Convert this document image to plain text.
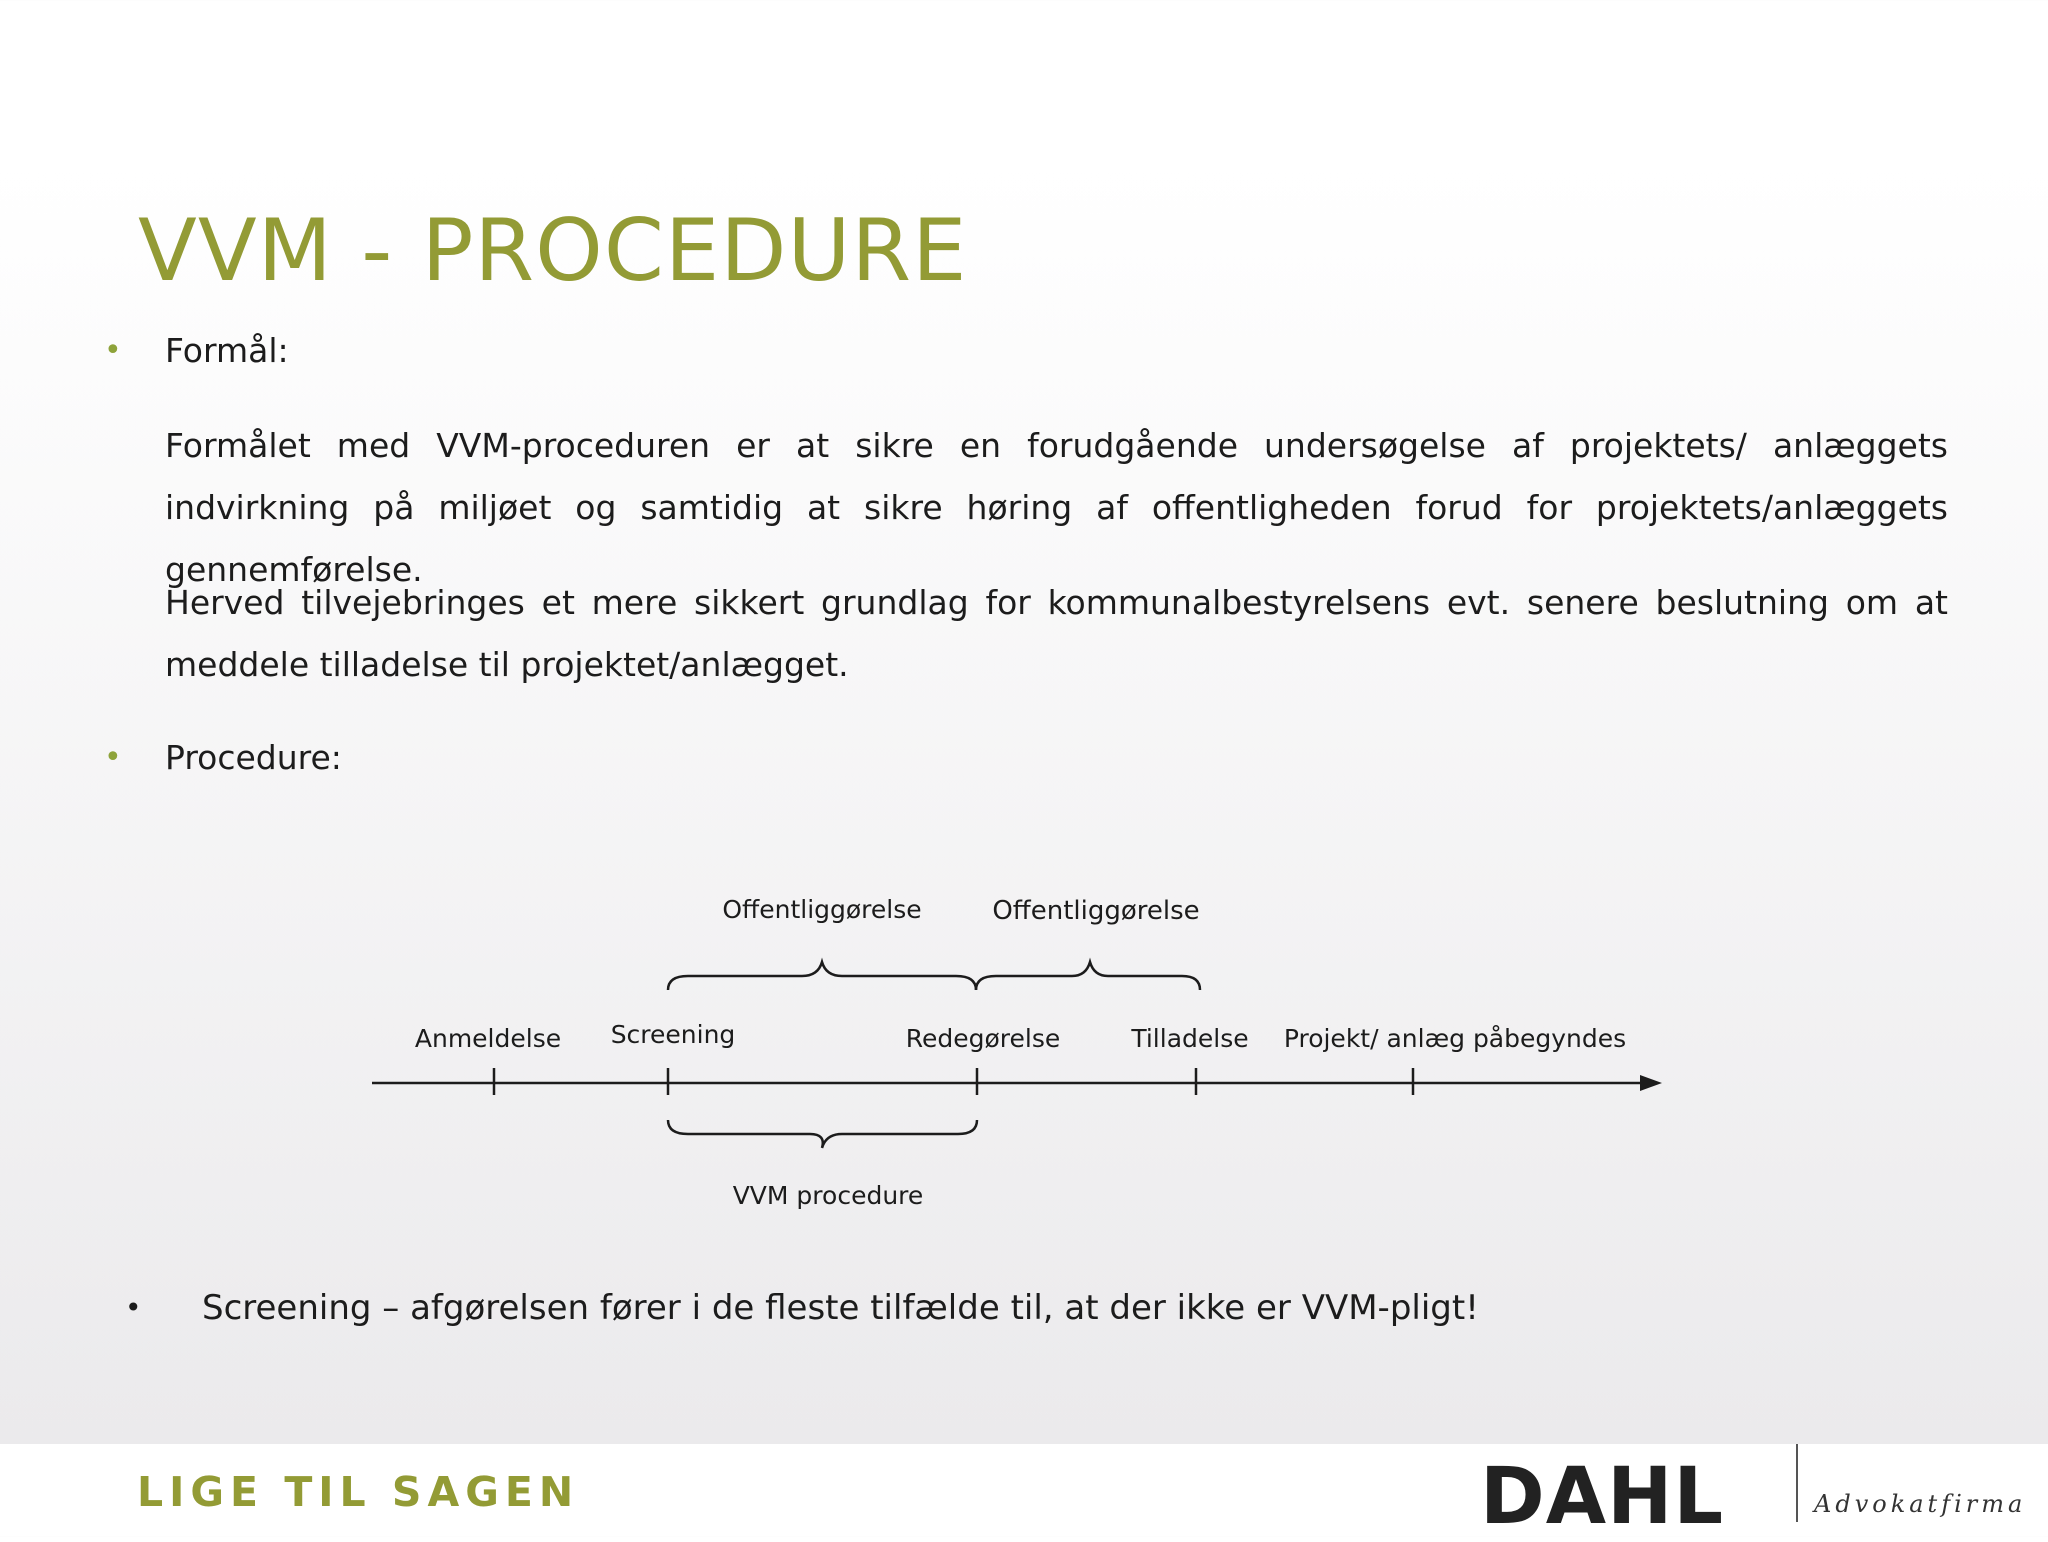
VVM - PROCEDURE
• Formål:

Formålet med VVM-proceduren er at sikre en forudgående undersøgelse af projektets/ anlæggets indvirkning på miljøet og samtidig at sikre høring af offentligheden forud for projektets/anlæggets gennemførelse.

Herved tilvejebringes et mere sikkert grundlag for kommunalbestyrelsens evt. senere beslutning om at meddele tilladelse til projektet/anlægget.

• Procedure:
Offentliggørelse	Offentliggørelse
Anmeldelse Screening	Redegørelse	Tilladelse Projekt/ anlæg påbegyndes
VVM procedure
• Screening – afgørelsen fører i de fleste tilfælde til, at der ikke er VVM-pligt!

LIGE TIL SAGEN	DAHL	Advokatfirma
